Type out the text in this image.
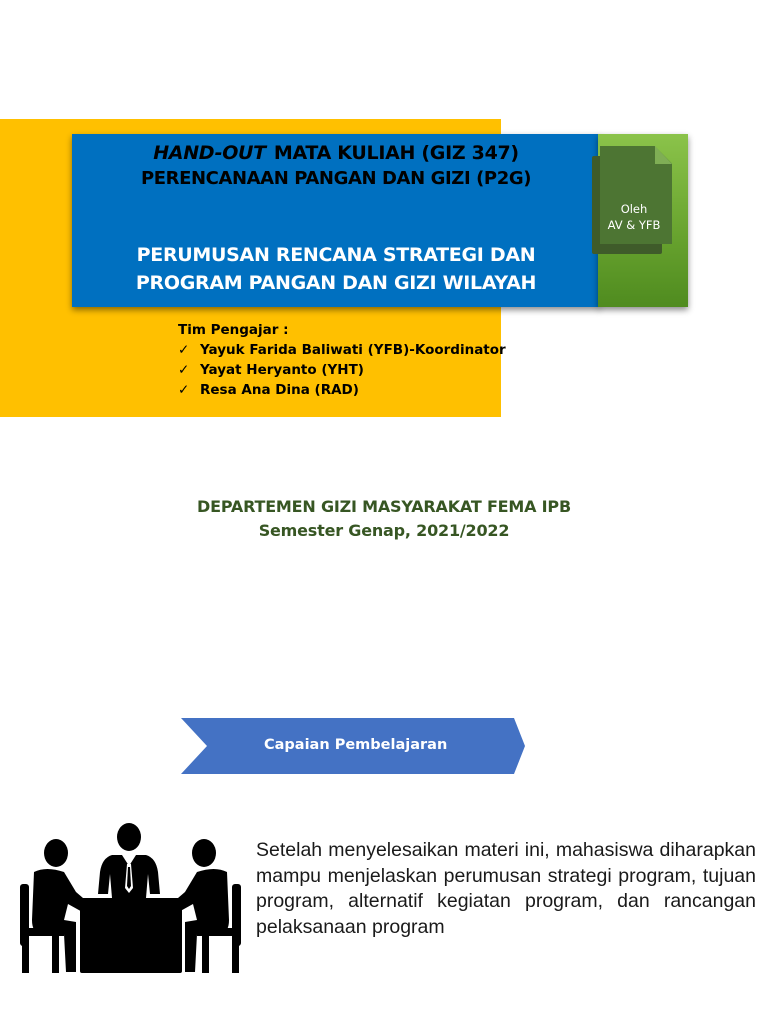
Oleh
AV & YFB
HAND-OUT MATA KULIAH (GIZ 347)
PERENCANAAN PANGAN DAN GIZI (P2G)
PERUMUSAN RENCANA STRATEGI DAN
PROGRAM PANGAN DAN GIZI WILAYAH
Tim Pengajar :
✓ Yayuk Farida Baliwati (YFB)-Koordinator
✓ Yayat Heryanto (YHT)
✓ Resa Ana Dina (RAD)
DEPARTEMEN GIZI MASYARAKAT FEMA IPB
Semester Genap, 2021/2022
Capaian Pembelajaran
Setelah menyelesaikan materi ini, mahasiswa diharapkan mampu menjelaskan perumusan strategi program, tujuan program, alternatif kegiatan program, dan rancangan pelaksanaan program
